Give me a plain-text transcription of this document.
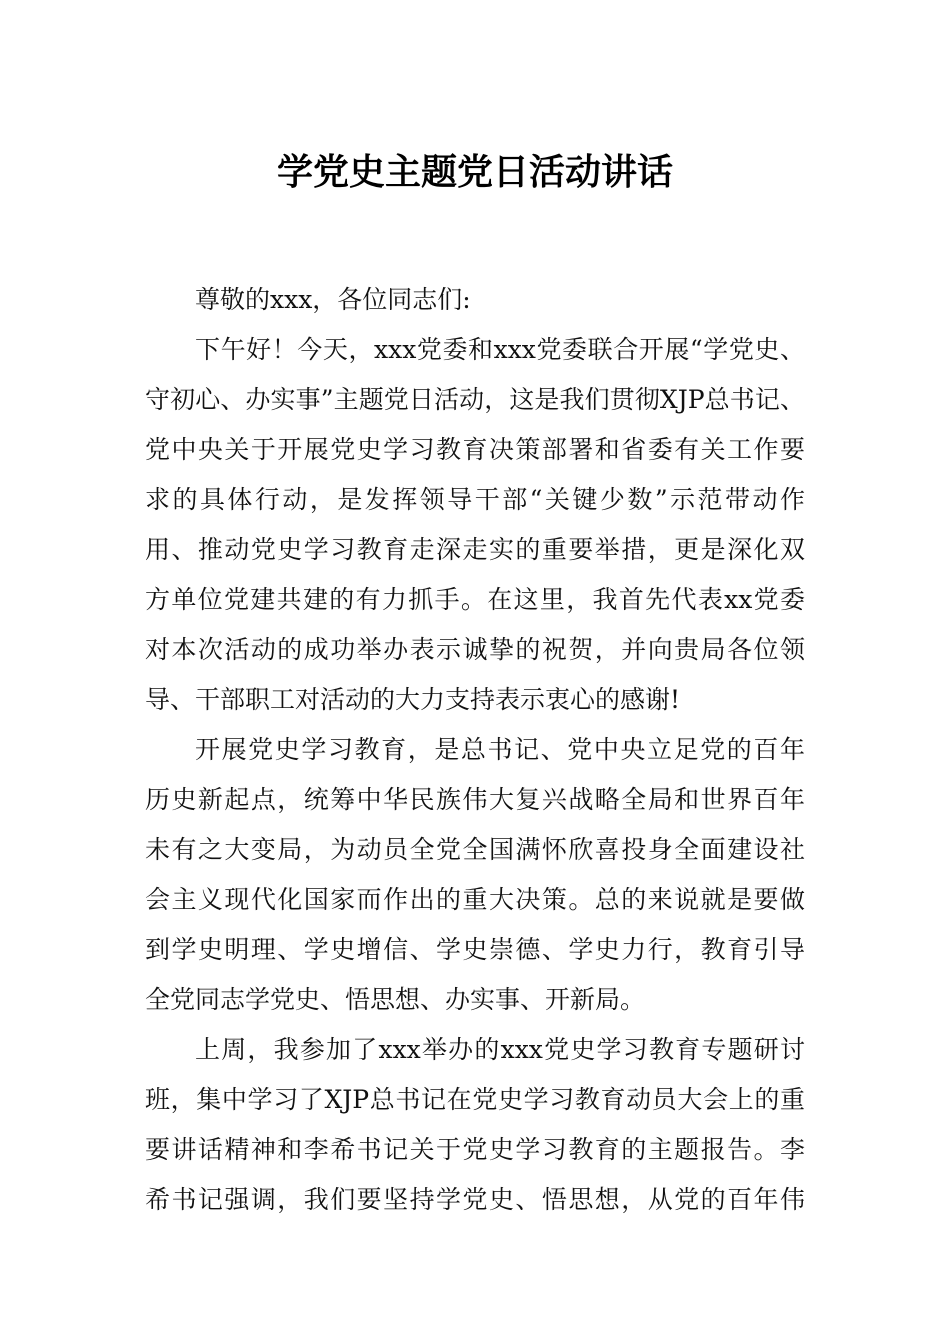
学党史主题党日活动讲话

尊敬的xxx，各位同志们:

下午好！今天，xxx党委和xxx党委联合开展“学党史、

守初心、办实事”主题党日活动，这是我们贯彻XJP总书记、

党中央关于开展党史学习教育决策部署和省委有关工作要

求的具体行动，是发挥领导干部“关键少数”示范带动作

用、推动党史学习教育走深走实的重要举措，更是深化双

方单位党建共建的有力抓手。在这里，我首先代表xx党委

对本次活动的成功举办表示诚挚的祝贺，并向贵局各位领

导、干部职工对活动的大力支持表示衷心的感谢!

开展党史学习教育，是总书记、党中央立足党的百年

历史新起点，统筹中华民族伟大复兴战略全局和世界百年

未有之大变局，为动员全党全国满怀欣喜投身全面建设社

会主义现代化国家而作出的重大决策。总的来说就是要做

到学史明理、学史增信、学史崇德、学史力行，教育引导

全党同志学党史、悟思想、办实事、开新局。

上周，我参加了xxx举办的xxx党史学习教育专题研讨

班，集中学习了XJP总书记在党史学习教育动员大会上的重

要讲话精神和李希书记关于党史学习教育的主题报告。李

希书记强调，我们要坚持学党史、悟思想，从党的百年伟
